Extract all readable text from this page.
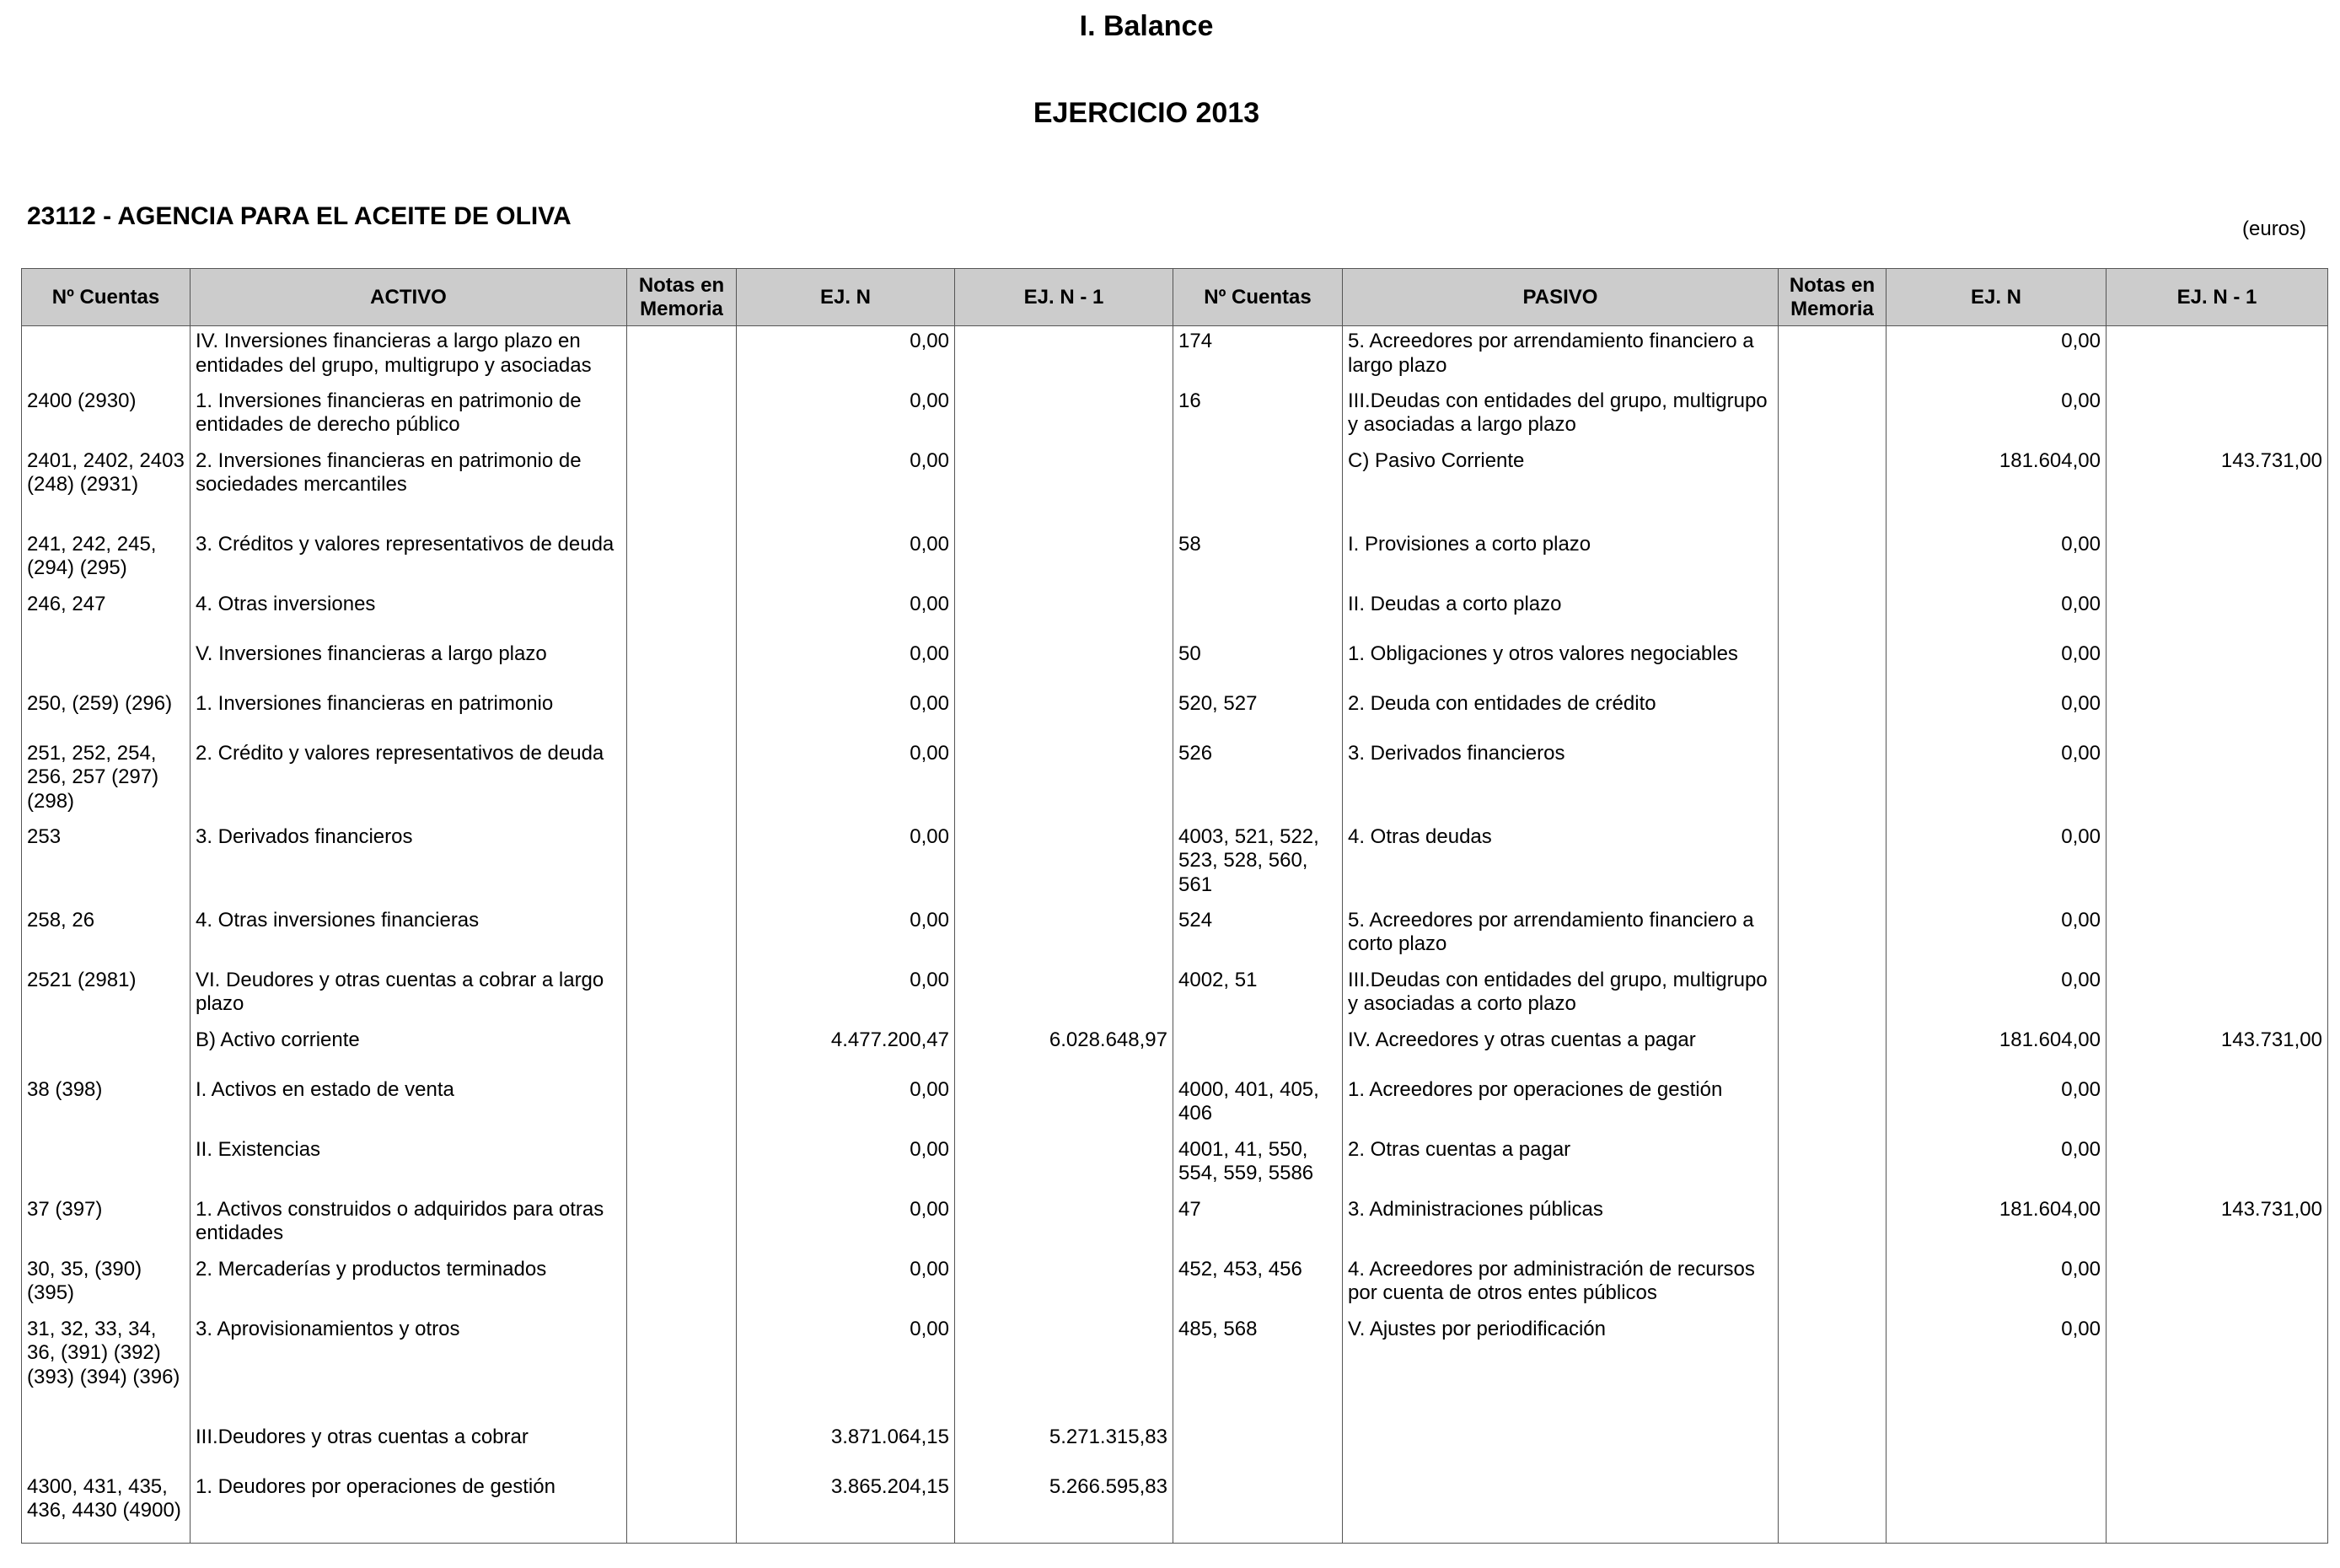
I. Balance
EJERCICIO 2013
23112 - AGENCIA PARA EL ACEITE DE OLIVA	(euros)
Nº Cuentas	ACTIVO	Notas en Memoria	EJ. N	EJ. N - 1	Nº Cuentas	PASIVO	Notas en Memoria	EJ. N	EJ. N - 1
	IV. Inversiones financieras a largo plazo en entidades del grupo, multigrupo y asociadas		0,00		174	5. Acreedores por arrendamiento financiero a largo plazo		0,00	
2400 (2930)	1. Inversiones financieras en patrimonio de entidades de derecho público		0,00		16	III.Deudas con entidades del grupo, multigrupo y asociadas a largo plazo		0,00	
2401, 2402, 2403 (248) (2931)	2. Inversiones financieras en patrimonio de sociedades mercantiles		0,00			C) Pasivo Corriente		181.604,00	143.731,00
241, 242, 245, (294) (295)	3. Créditos y valores representativos de deuda		0,00		58	I. Provisiones a corto plazo		0,00	
246, 247	4. Otras inversiones		0,00			II. Deudas a corto plazo		0,00	
	V. Inversiones financieras a largo plazo		0,00		50	1. Obligaciones y otros valores negociables		0,00	
250, (259) (296)	1. Inversiones financieras en patrimonio		0,00		520, 527	2. Deuda con entidades de crédito		0,00	
251, 252, 254, 256, 257 (297) (298)	2. Crédito y valores representativos de deuda		0,00		526	3. Derivados financieros		0,00	
253	3. Derivados financieros		0,00		4003, 521, 522, 523, 528, 560, 561	4. Otras deudas		0,00	
258, 26	4. Otras inversiones financieras		0,00		524	5. Acreedores por arrendamiento financiero a corto plazo		0,00	
2521 (2981)	VI. Deudores y otras cuentas a cobrar a largo plazo		0,00		4002, 51	III.Deudas con entidades del grupo, multigrupo y asociadas a corto plazo		0,00	
	B) Activo corriente		4.477.200,47	6.028.648,97		IV. Acreedores y otras cuentas a pagar		181.604,00	143.731,00
38 (398)	I. Activos en estado de venta		0,00		4000, 401, 405, 406	1. Acreedores por operaciones de gestión		0,00	
	II. Existencias		0,00		4001, 41, 550, 554, 559, 5586	2. Otras cuentas a pagar		0,00	
37 (397)	1. Activos construidos o adquiridos para otras entidades		0,00		47	3. Administraciones públicas		181.604,00	143.731,00
30, 35, (390) (395)	2. Mercaderías y productos terminados		0,00		452, 453, 456	4. Acreedores por administración de recursos por cuenta de otros entes públicos		0,00	
31, 32, 33, 34, 36, (391) (392) (393) (394) (396)	3. Aprovisionamientos y otros		0,00		485, 568	V. Ajustes por periodificación		0,00	
	III.Deudores y otras cuentas a cobrar		3.871.064,15	5.271.315,83					
4300, 431, 435, 436, 4430 (4900)	1. Deudores por operaciones de gestión		3.865.204,15	5.266.595,83					
